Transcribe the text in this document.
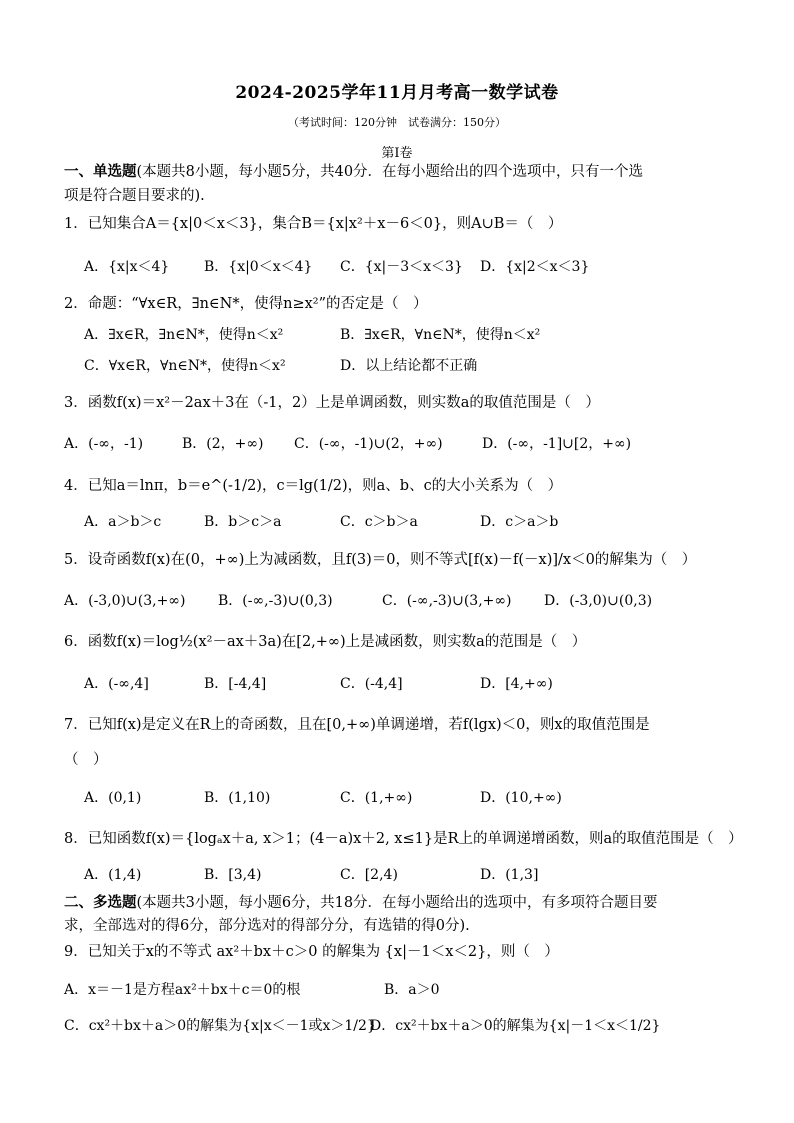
2024-2025学年11月月考高一数学试卷
（考试时间：120分钟　试卷满分：150分）
第Ⅰ卷
一、单选题(本题共8小题，每小题5分，共40分．在每小题给出的四个选项中，只有一个选
项是符合题目要求的).
1．已知集合A＝{x|0＜x＜3}，集合B＝{x|x²＋x－6＜0}，则A∪B＝（　）
A．{x|x＜4} B．{x|0＜x＜4} C．{x|－3＜x＜3} D．{x|2＜x＜3}
2．命题：“∀x∈R，∃n∈N*，使得n≥x²”的否定是（　）
A．∃x∈R，∃n∈N*，使得n＜x²	B．∃x∈R，∀n∈N*，使得n＜x²
C．∀x∈R，∀n∈N*，使得n＜x²	D．以上结论都不正确
3．函数f(x)＝x²－2ax＋3在（-1，2）上是单调函数，则实数a的取值范围是（　）
A．(-∞，-1)	B．(2，+∞) C．(-∞，-1)∪(2，+∞)	D．(-∞，-1]∪[2，+∞)
4．已知a＝lnπ，b＝e^(-1/2)，c＝lg(1/2)，则a、b、c的大小关系为（　）
A．a＞b＞c	B．b＞c＞a	C．c＞b＞a	D．c＞a＞b
5．设奇函数f(x)在(0，+∞)上为减函数，且f(3)＝0，则不等式[f(x)－f(－x)]/x＜0的解集为（　）
A．(-3,0)∪(3,+∞) B．(-∞,-3)∪(0,3)	C．(-∞,-3)∪(3,+∞) D．(-3,0)∪(0,3)
6．函数f(x)＝log½(x²－ax＋3a)在[2,+∞)上是减函数，则实数a的范围是（　）
A．(-∞,4]	B．[-4,4]	C．(-4,4]	D．[4,+∞)
7．已知f(x)是定义在R上的奇函数，且在[0,+∞)单调递增，若f(lgx)＜0，则x的取值范围是
（　）
A．(0,1)	B．(1,10)	C．(1,+∞)	D．(10,+∞)
8．已知函数f(x)＝{logₐx＋a, x＞1；(4－a)x＋2, x≤1}是R上的单调递增函数，则a的取值范围是（　）
A．(1,4)	B．[3,4)	C．[2,4)	D．(1,3]
二、多选题(本题共3小题，每小题6分，共18分．在每小题给出的选项中，有多项符合题目要
求，全部选对的得6分，部分选对的得部分分，有选错的得0分).
9．已知关于x的不等式 ax²＋bx＋c＞0 的解集为 {x|－1＜x＜2}，则（　）
A．x＝－1是方程ax²＋bx＋c＝0的根	B．a＞0
C．cx²＋bx＋a＞0的解集为{x|x＜－1或x＞1/2}
D．cx²＋bx＋a＞0的解集为{x|－1＜x＜1/2}
